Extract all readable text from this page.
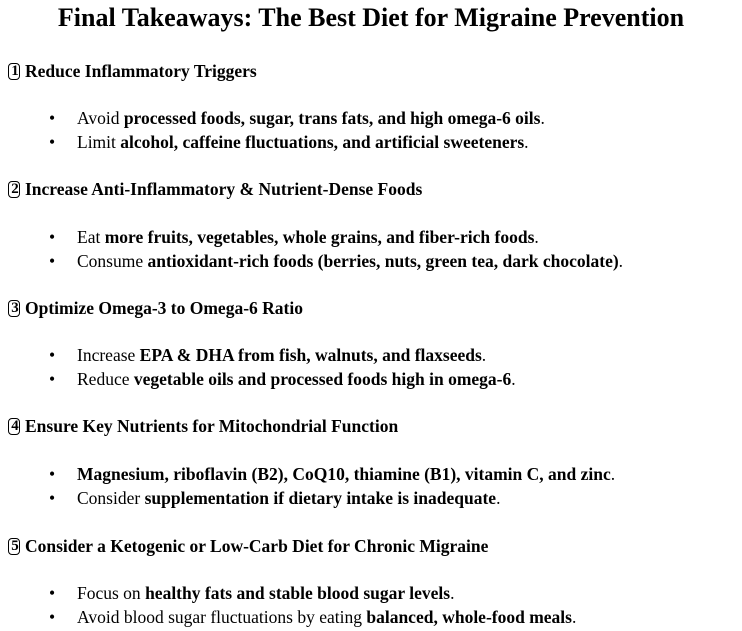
Final Takeaways: The Best Diet for Migraine Prevention
1 Reduce Inflammatory Triggers
• Avoid processed foods, sugar, trans fats, and high omega-6 oils.
• Limit alcohol, caffeine fluctuations, and artificial sweeteners.
2 Increase Anti-Inflammatory & Nutrient-Dense Foods
• Eat more fruits, vegetables, whole grains, and fiber-rich foods.
• Consume antioxidant-rich foods (berries, nuts, green tea, dark chocolate).
3 Optimize Omega-3 to Omega-6 Ratio
• Increase EPA & DHA from fish, walnuts, and flaxseeds.
• Reduce vegetable oils and processed foods high in omega-6.
4 Ensure Key Nutrients for Mitochondrial Function
• Magnesium, riboflavin (B2), CoQ10, thiamine (B1), vitamin C, and zinc.
• Consider supplementation if dietary intake is inadequate.
5 Consider a Ketogenic or Low-Carb Diet for Chronic Migraine
• Focus on healthy fats and stable blood sugar levels.
• Avoid blood sugar fluctuations by eating balanced, whole-food meals.
